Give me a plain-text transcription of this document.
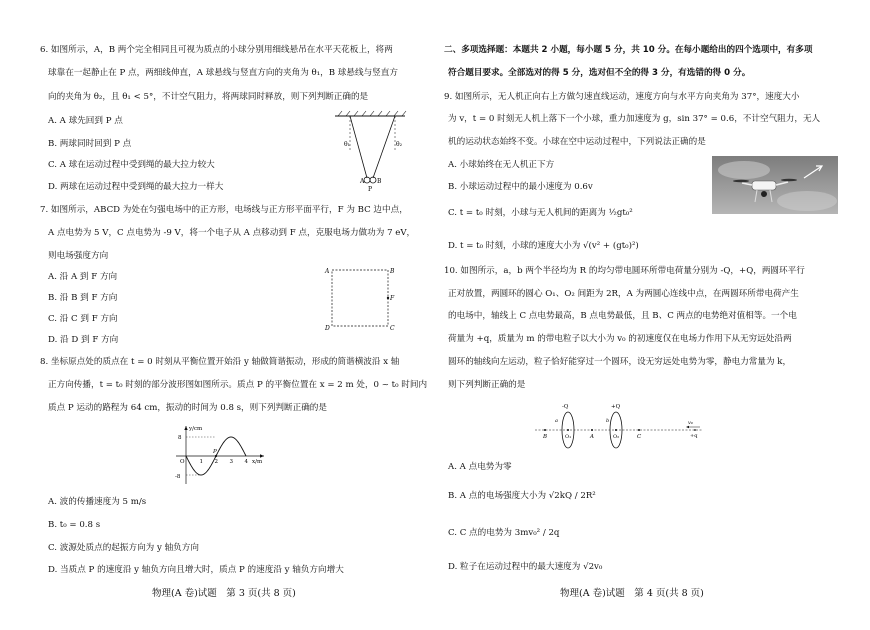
6. 如图所示，A，B 两个完全相同且可视为质点的小球分别用细线悬吊在水平天花板上，将两
球靠在一起静止在 P 点，两细线伸直，A 球悬线与竖直方向的夹角为 θ₁，B 球悬线与竖直方
向的夹角为 θ₂，且 θ₁ < 5°，不计空气阻力，将两球同时释放，则下列判断正确的是
A. A 球先回到 P 点
B. 两球同时回到 P 点
C. A 球在运动过程中受到绳的最大拉力较大
D. 两球在运动过程中受到绳的最大拉力一样大
θ₁	θ₂
A B
P
7. 如图所示，ABCD 为处在匀强电场中的正方形，电场线与正方形平面平行，F 为 BC 边中点，
A 点电势为 5 V，C 点电势为 -9 V，将一个电子从 A 点移动到 F 点，克服电场力做功为 7 eV，
则电场强度方向
A. 沿 A 到 F 方向
B. 沿 B 到 F 方向
C. 沿 C 到 F 方向
D. 沿 D 到 F 方向
A	B
C
D
F
8. 坐标原点处的质点在 t = 0 时刻从平衡位置开始沿 y 轴做简谐振动，形成的简谐横波沿 x 轴
正方向传播，t = t₀ 时刻的部分波形图如图所示。质点 P 的平衡位置在 x = 2 m 处，0 ~ t₀ 时间内
质点 P 运动的路程为 64 cm，振动的时间为 0.8 s，则下列判断正确的是
y/cm
x/m
8
-8
O	1 2 3 4
P
A. 波的传播速度为 5 m/s
B. t₀ = 0.8 s
C. 波源处质点的起振方向为 y 轴负方向
D. 当质点 P 的速度沿 y 轴负方向且增大时，质点 P 的速度沿 y 轴负方向增大
物理(A 卷)试题　第 3 页(共 8 页)
二、多项选择题：本题共 2 小题，每小题 5 分，共 10 分。在每小题给出的四个选项中，有多项
符合题目要求。全部选对的得 5 分，选对但不全的得 3 分，有选错的得 0 分。
9. 如图所示，无人机正向右上方做匀速直线运动，速度方向与水平方向夹角为 37°，速度大小
为 v，t = 0 时刻无人机上落下一个小球，重力加速度为 g，sin 37° = 0.6，不计空气阻力，无人
机的运动状态始终不变。小球在空中运动过程中，下列说法正确的是
A. 小球始终在无人机正下方
B. 小球运动过程中的最小速度为 0.6v
C. t = t₀ 时刻，小球与无人机间的距离为 ½gt₀²
D. t = t₀ 时刻，小球的速度大小为 √(v² + (gt₀)²)
10. 如图所示，a，b 两个半径均为 R 的均匀带电圆环所带电荷量分别为 -Q，+Q，两圆环平行
正对放置，两圆环的圆心 O₁、O₂ 间距为 2R，A 为两圆心连线中点，在两圆环所带电荷产生
的电场中，轴线上 C 点电势最高，B 点电势最低，且 B、C 两点的电势绝对值相等。一个电
荷量为 +q，质量为 m 的带电粒子以大小为 v₀ 的初速度仅在电场力作用下从无穷远处沿两
圆环的轴线向左运动，粒子恰好能穿过一个圆环，设无穷远处电势为零，静电力常量为 k，
则下列判断正确的是
-Q	+Q
a	b
B	O₁	A	O₂	C
v₀
+q
A. A 点电势为零
B. A 点的电场强度大小为 √2kQ / 2R²
C. C 点的电势为 3mv₀² / 2q
D. 粒子在运动过程中的最大速度为 √2v₀
物理(A 卷)试题　第 4 页(共 8 页)
